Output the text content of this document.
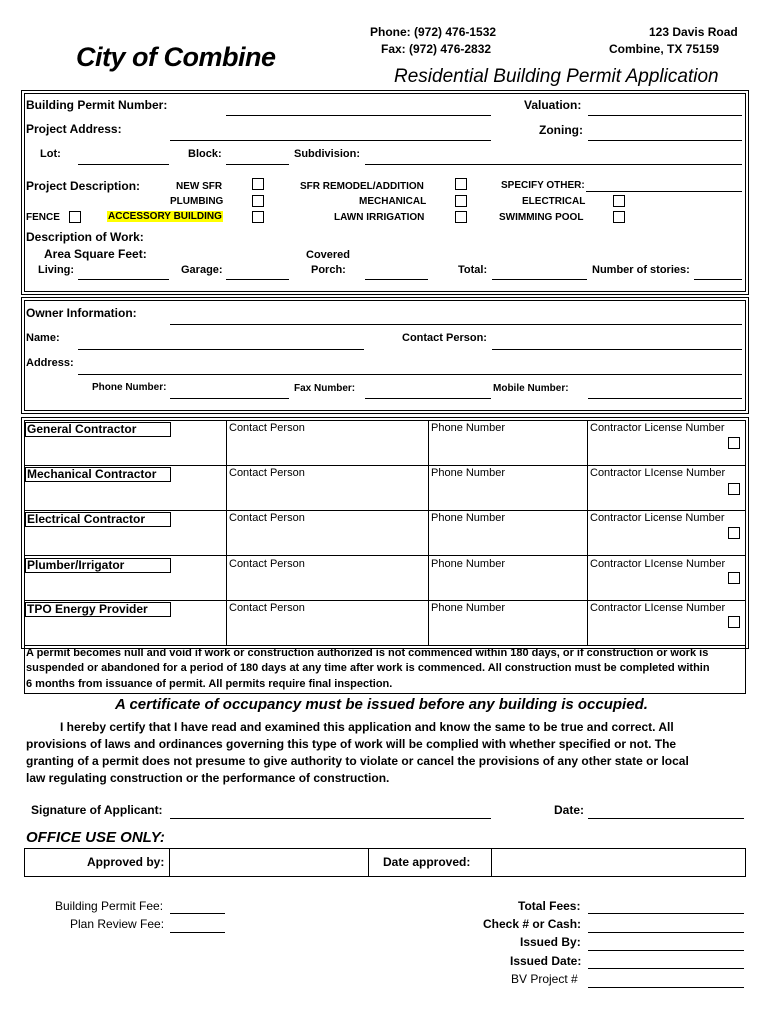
City of Combine
Phone: (972) 476-1532
Fax: (972) 476-2832
123 Davis Road
Combine, TX 75159
Residential Building Permit Application
Building Permit Number:	Valuation:
Project Address:	Zoning:
Lot:	Block:	Subdivision:
Project Description:	NEW SFR
PLUMBING
FENCE	ACCESSORY BUILDING
SFR REMODEL/ADDITION
MECHANICAL
LAWN IRRIGATION
SPECIFY OTHER:
ELECTRICAL
SWIMMING POOL
Description of Work:
Area Square Feet:
Living:	Garage:
Covered
Porch:	Total:	Number of stories:
Owner Information:
Name:	Contact Person:
Address:
Phone Number:	Fax Number:	Mobile Number:
General Contractor	Contact Person	Phone Number	Contractor License Number
Mechanical Contractor	Contact Person	Phone Number	Contractor LIcense Number
Electrical Contractor	Contact Person	Phone Number	Contractor License Number
Plumber/Irrigator	Contact Person	Phone Number	Contractor LIcense Number
TPO Energy Provider	Contact Person	Phone Number	Contractor LIcense Number
A permit becomes null and void if work or construction authorized is not commenced within 180 days, or if construction or work is
suspended or abandoned for a period of 180 days at any time after work is commenced. All construction must be completed within
6 months from issuance of permit. All permits require final inspection.
A certificate of occupancy must be issued before any building is occupied.
I hereby certify that I have read and examined this application and know the same to be true and correct. All
provisions of laws and ordinances governing this type of work will be complied with whether specified or not. The
granting of a permit does not presume to give authority to violate or cancel the provisions of any other state or local
law regulating construction or the performance of construction.
Signature of Applicant:	Date:
OFFICE USE ONLY:
Approved by:	Date approved:
Building Permit Fee:
Plan Review Fee:
Total Fees:
Check # or Cash:
Issued By:
Issued Date:
BV Project #
